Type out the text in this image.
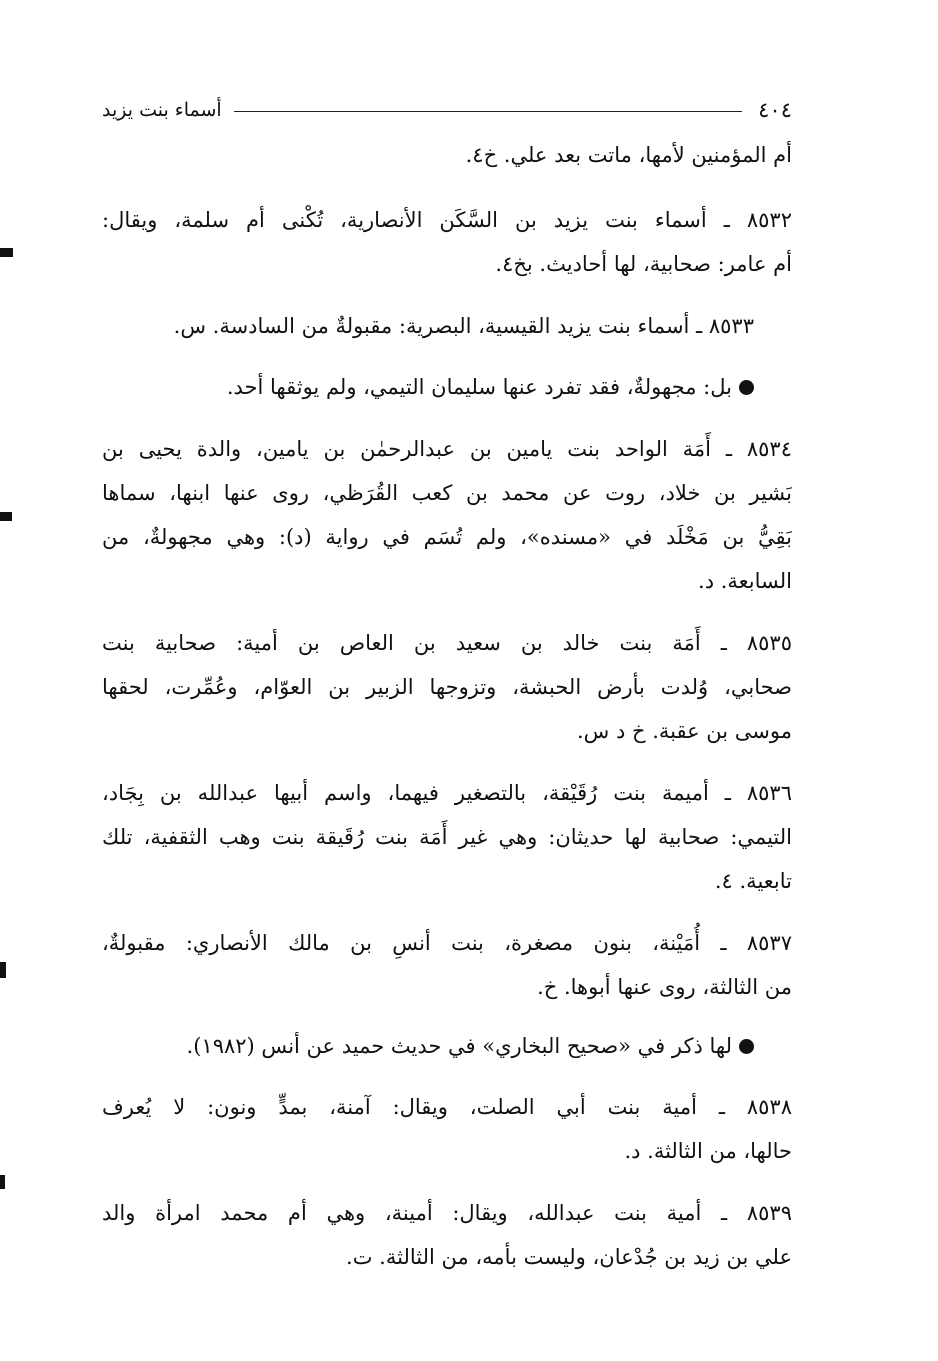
٤٠٤
أسماء بنت يزيد
أم المؤمنين لأمها، ماتت بعد علي. خ٤.
٨٥٣٢ ـ أسماء بنت يزيد بن السَّكَن الأنصارية، تُكْنى أم سلمة، ويقال:
أم عامر: صحابية، لها أحاديث. بخ٤.
٨٥٣٣ ـ أسماء بنت يزيد القيسية، البصرية: مقبولةٌ من السادسة. س.
بل: مجهولةٌ، فقد تفرد عنها سليمان التيمي، ولم يوثقها أحد.
٨٥٣٤ ـ أَمَة الواحد بنت يامين بن عبدالرحمٰن بن يامين، والدة يحيى بن
بَشير بن خلاد، روت عن محمد بن كعب القُرَظي، روى عنها ابنها، سماها
بَقِيُّ بن مَخْلَد في «مسنده»، ولم تُسَم في رواية (د): وهي مجهولةٌ، من
السابعة. د.
٨٥٣٥ ـ أَمَة بنت خالد بن سعيد بن العاص بن أمية: صحابية بنت
صحابي، وُلدت بأرض الحبشة، وتزوجها الزبير بن العوّام، وعُمِّرت، لحقها
موسى بن عقبة. خ د س.
٨٥٣٦ ـ أميمة بنت رُقَيْقة، بالتصغير فيهما، واسم أبيها عبدالله بن بِجَاد،
التيمي: صحابية لها حديثان: وهي غير أَمَة بنت رُقَيقة بنت وهب الثقفية، تلك
تابعية. ٤.
٨٥٣٧ ـ أُمَيْنة، بنون مصغرة، بنت أنسِ بن مالك الأنصاري: مقبولةٌ،
من الثالثة، روى عنها أبوها. خ.
لها ذكر في «صحيح البخاري» في حديث حميد عن أنس (١٩٨٢).
٨٥٣٨ ـ أمية بنت أبي الصلت، ويقال: آمنة، بمدٍّ ونون: لا يُعرف
حالها، من الثالثة. د.
٨٥٣٩ ـ أمية بنت عبدالله، ويقال: أمينة، وهي أم محمد امرأة والد
علي بن زيد بن جُدْعان، وليست بأمه، من الثالثة. ت.
